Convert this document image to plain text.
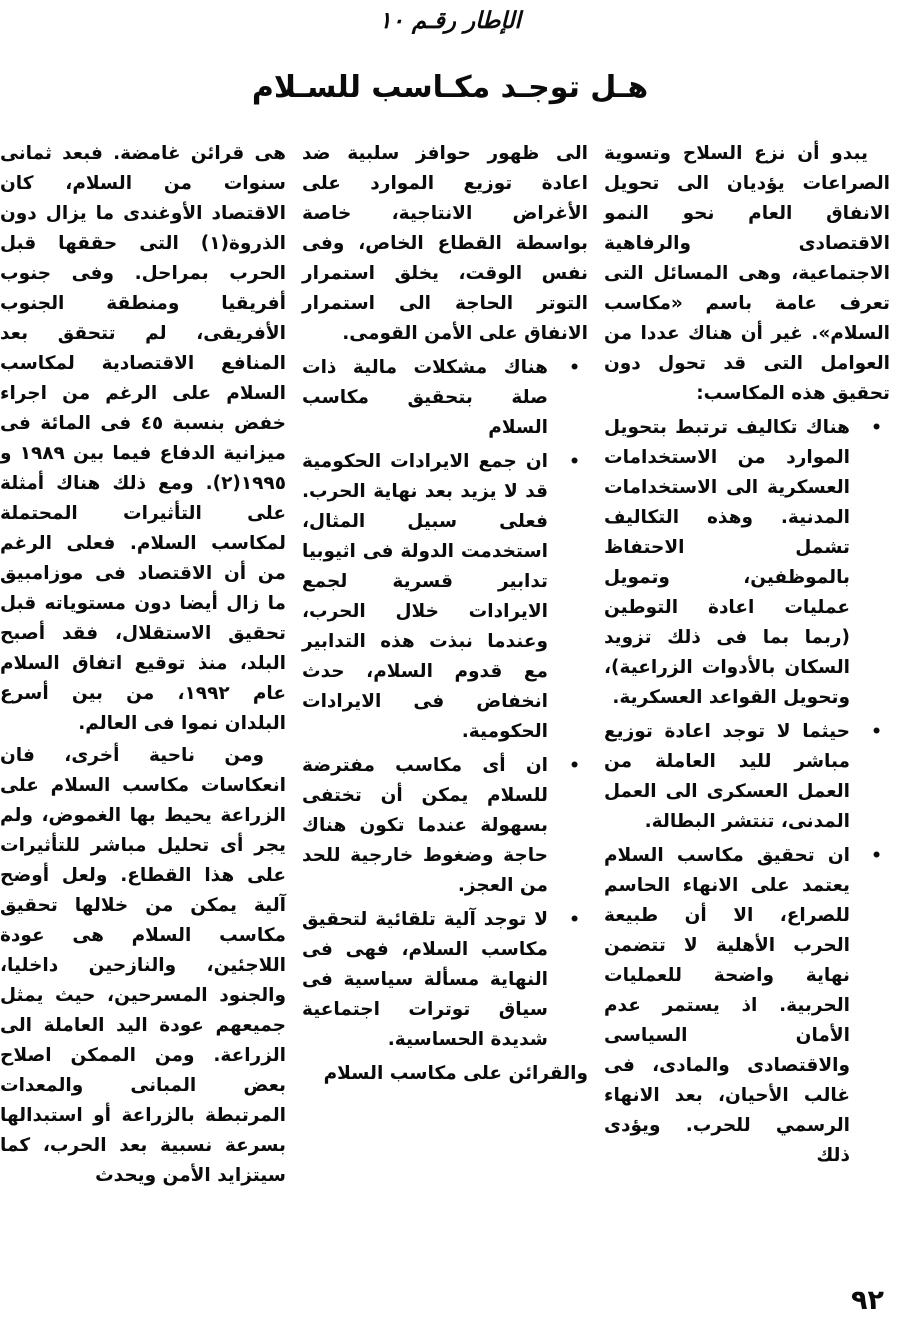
الإطار رقـم ١٠
هـل توجـد مكـاسب للسـلام

يبدو أن نزع السلاح وتسوية الصراعات يؤديان الى تحويل الانفاق العام نحو النمو الاقتصادى والرفاهية الاجتماعية، وهى المسائل التى تعرف عامة باسم «مكاسب السلام». غير أن هناك عددا من العوامل التى قد تحول دون تحقيق هذه المكاسب:

•
هناك تكاليف ترتبط بتحويل الموارد من الاستخدامات العسكرية الى الاستخدامات المدنية. وهذه التكاليف تشمل الاحتفاظ بالموظفين، وتمويل عمليات اعادة التوطين (ربما بما فى ذلك تزويد السكان بالأدوات الزراعية)، وتحويل القواعد العسكرية.
•
حيثما لا توجد اعادة توزيع مباشر لليد العاملة من العمل العسكرى الى العمل المدنى، تنتشر البطالة.
•
ان تحقيق مكاسب السلام يعتمد على الانهاء الحاسم للصراع، الا أن طبيعة الحرب الأهلية لا تتضمن نهاية واضحة للعمليات الحربية. اذ يستمر عدم الأمان السياسى والاقتصادى والمادى، فى غالب الأحيان، بعد الانهاء الرسمي للحرب. ويؤدى ذلك

الى ظهور حوافز سلبية ضد اعادة توزيع الموارد على الأغراض الانتاجية، خاصة بواسطة القطاع الخاص، وفى نفس الوقت، يخلق استمرار التوتر الحاجة الى استمرار الانفاق على الأمن القومى.

•
هناك مشكلات مالية ذات صلة بتحقيق مكاسب السلام
•
ان جمع الايرادات الحكومية قد لا يزيد بعد نهاية الحرب. فعلى سبيل المثال، استخدمت الدولة فى اثيوبيا تدابير قسرية لجمع الايرادات خلال الحرب، وعندما نبذت هذه التدابير مع قدوم السلام، حدث انخفاض فى الايرادات الحكومية.
•
ان أى مكاسب مفترضة للسلام يمكن أن تختفى بسهولة عندما تكون هناك حاجة وضغوط خارجية للحد من العجز.
•
لا توجد آلية تلقائية لتحقيق مكاسب السلام، فهى فى النهاية مسألة سياسية فى سياق توترات اجتماعية شديدة الحساسية.

والقرائن على مكاسب السلام

هى قرائن غامضة. فبعد ثمانى سنوات من السلام، كان الاقتصاد الأوغندى ما يزال دون الذروة(١) التى حققها قبل الحرب بمراحل. وفى جنوب أفريقيا ومنطقة الجنوب الأفريقى، لم تتحقق بعد المنافع الاقتصادية لمكاسب السلام على الرغم من اجراء خفض بنسبة ٤٥ فى المائة فى ميزانية الدفاع فيما بين ١٩٨٩ و ١٩٩٥(٢). ومع ذلك هناك أمثلة على التأثيرات المحتملة لمكاسب السلام. فعلى الرغم من أن الاقتصاد فى موزامبيق ما زال أيضا دون مستوياته قبل تحقيق الاستقلال، فقد أصبح البلد، منذ توقيع اتفاق السلام عام ١٩٩٢، من بين أسرع البلدان نموا فى العالم.

ومن ناحية أخرى، فان انعكاسات مكاسب السلام على الزراعة يحيط بها الغموض، ولم يجر أى تحليل مباشر للتأثيرات على هذا القطاع. ولعل أوضح آلية يمكن من خلالها تحقيق مكاسب السلام هى عودة اللاجئين، والنازحين داخليا، والجنود المسرحين، حيث يمثل جميعهم عودة اليد العاملة الى الزراعة. ومن الممكن اصلاح بعض المبانى والمعدات المرتبطة بالزراعة أو استبدالها بسرعة نسبية بعد الحرب، كما سيتزايد الأمن ويحدث

٩٢
